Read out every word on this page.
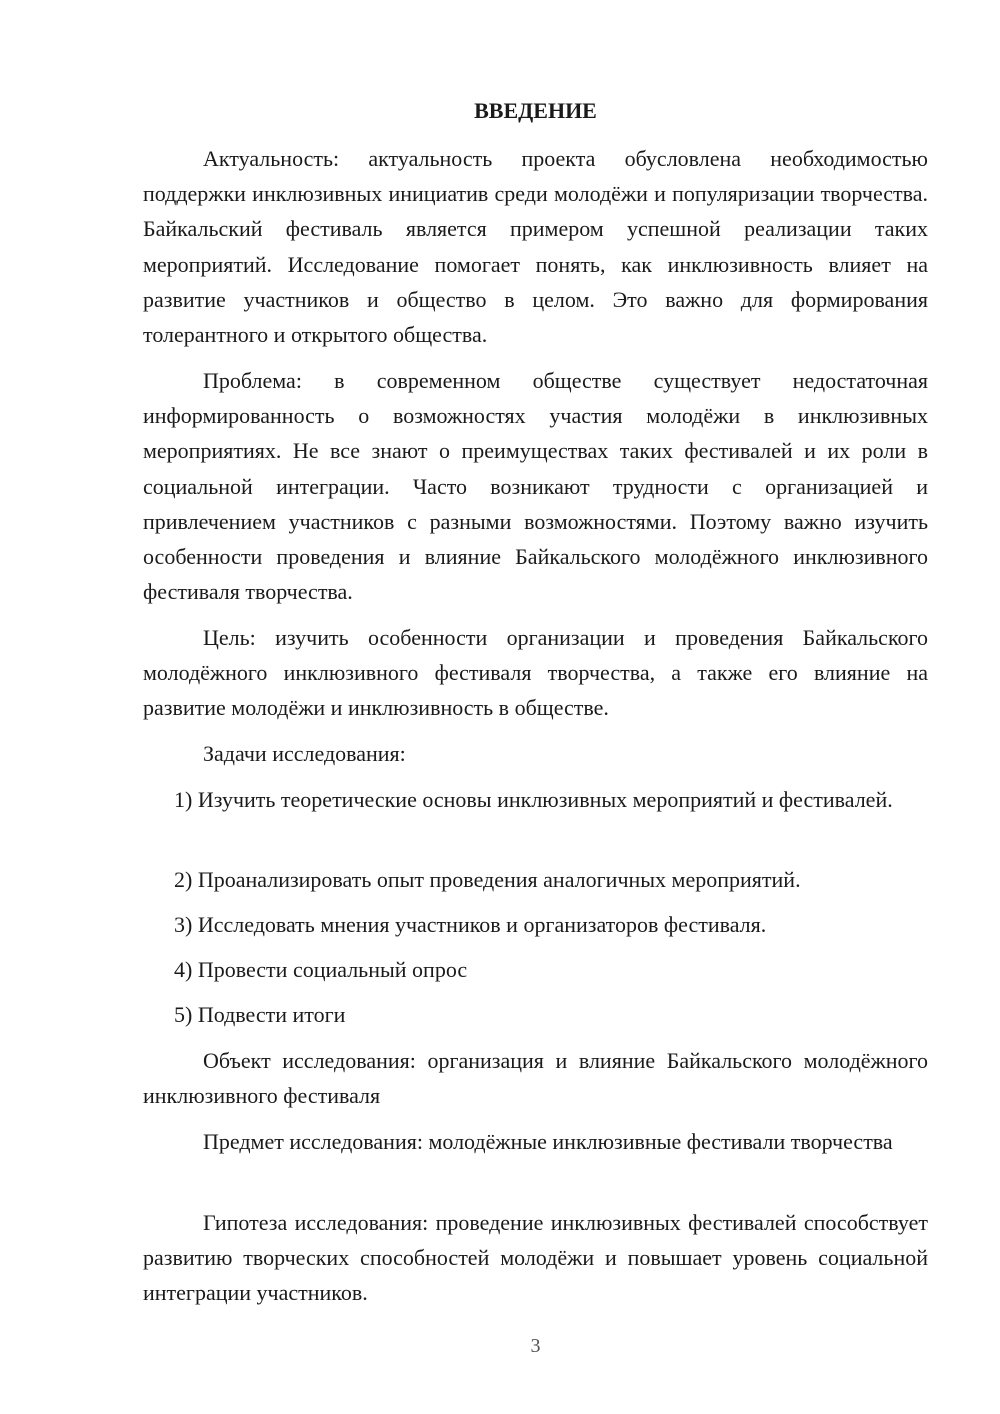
ВВЕДЕНИЕ

Актуальность: актуальность проекта обусловлена необходимостью поддержки инклюзивных инициатив среди молодёжи и популяризации творчества. Байкальский фестиваль является примером успешной реализации таких мероприятий. Исследование помогает понять, как инклюзивность влияет на развитие участников и общество в целом. Это важно для формирования толерантного и открытого общества.

Проблема: в современном обществе существует недостаточная информированность о возможностях участия молодёжи в инклюзивных мероприятиях. Не все знают о преимуществах таких фестивалей и их роли в социальной интеграции. Часто возникают трудности с организацией и привлечением участников с разными возможностями. Поэтому важно изучить особенности проведения и влияние Байкальского молодёжного инклюзивного фестиваля творчества.

Цель: изучить особенности организации и проведения Байкальского молодёжного инклюзивного фестиваля творчества, а также его влияние на развитие молодёжи и инклюзивность в обществе.

Задачи исследования:

1) Изучить теоретические основы инклюзивных мероприятий и фестивалей.

2) Проанализировать опыт проведения аналогичных мероприятий.

3) Исследовать мнения участников и организаторов фестиваля.

4) Провести социальный опрос

5) Подвести итоги

Объект исследования: организация и влияние Байкальского молодёжного инклюзивного фестиваля

Предмет исследования: молодёжные инклюзивные фестивали творчества

Гипотеза исследования: проведение инклюзивных фестивалей способствует развитию творческих способностей молодёжи и повышает уровень социальной интеграции участников.

3
